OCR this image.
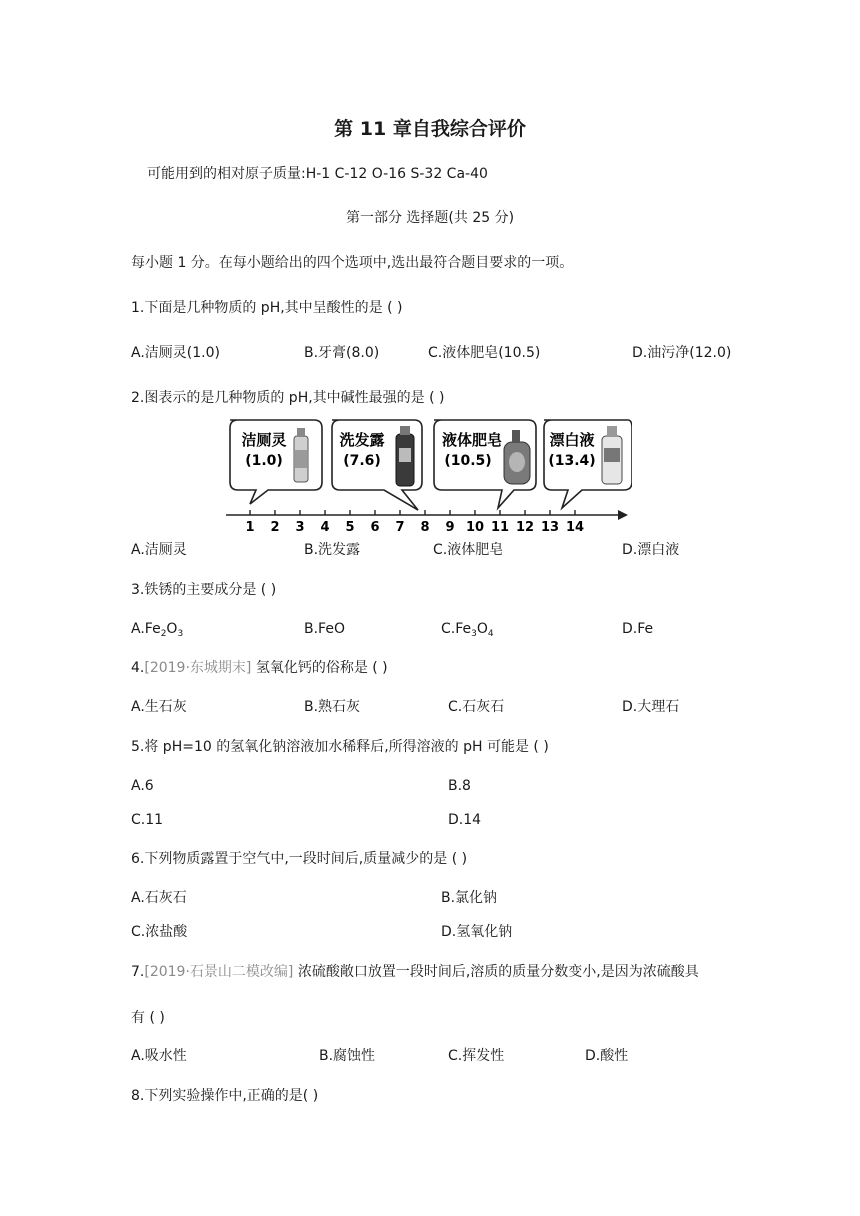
第 11 章自我综合评价
可能用到的相对原子质量:H-1 C-12 O-16 S-32 Ca-40
第一部分 选择题(共 25 分)
每小题 1 分。在每小题给出的四个选项中,选出最符合题目要求的一项。
1.下面是几种物质的 pH,其中呈酸性的是 ( )
A.洁厕灵(1.0)	B.牙膏(8.0)	C.液体肥皂(10.5)	D.油污净(12.0)
2.图表示的是几种物质的 pH,其中碱性最强的是 ( )
洁厕灵
(1.0)
洗发露
(7.6)
液体肥皂
(10.5)
漂白液
(13.4)
1 2 3 4 5 6 7 8 9 10 11 12 13 14
A.洁厕灵	B.洗发露	C.液体肥皂	D.漂白液
3.铁锈的主要成分是 ( )
$A.Fe_2O_3$	B.FeO	$C.Fe_3O_4$	D.Fe
4.[2019·东城期末] 氢氧化钙的俗称是 ( )
A.生石灰	B.熟石灰	C.石灰石	D.大理石
5.将 pH=10 的氢氧化钠溶液加水稀释后,所得溶液的 pH 可能是 ( )
A.6	B.8
C.11	D.14
6.下列物质露置于空气中,一段时间后,质量减少的是 ( )
A.石灰石	B.氯化钠
C.浓盐酸	D.氢氧化钠
7.[2019·石景山二模改编] 浓硫酸敞口放置一段时间后,溶质的质量分数变小,是因为浓硫酸具
有 ( )
A.吸水性	B.腐蚀性	C.挥发性	D.酸性
8.下列实验操作中,正确的是( )
